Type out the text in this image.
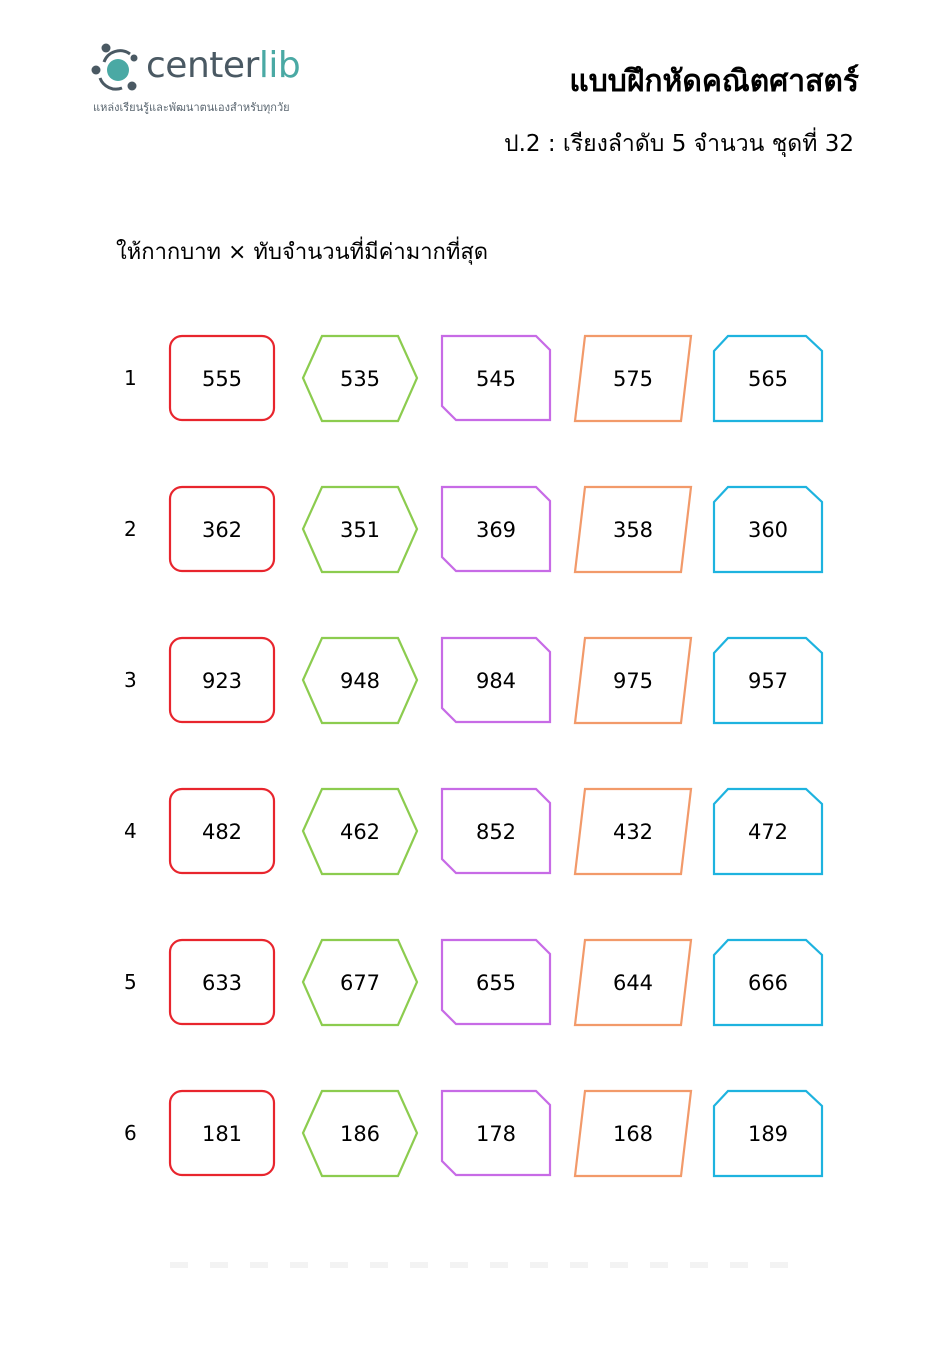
centerlib
แหล่งเรียนรู้และพัฒนาตนเองสำหรับทุกวัย
แบบฝึกหัดคณิตศาสตร์
ป.2 : เรียงลำดับ 5 จำนวน ชุดที่ 32
ให้กากบาท × ทับจำนวนที่มีค่ามากที่สุด
1	555	535	545	575	565
2	362	351	369	358	360
3	923	948	984	975	957
4	482	462	852	432	472
5	633	677	655	644	666
6	181	186	178	168	189
